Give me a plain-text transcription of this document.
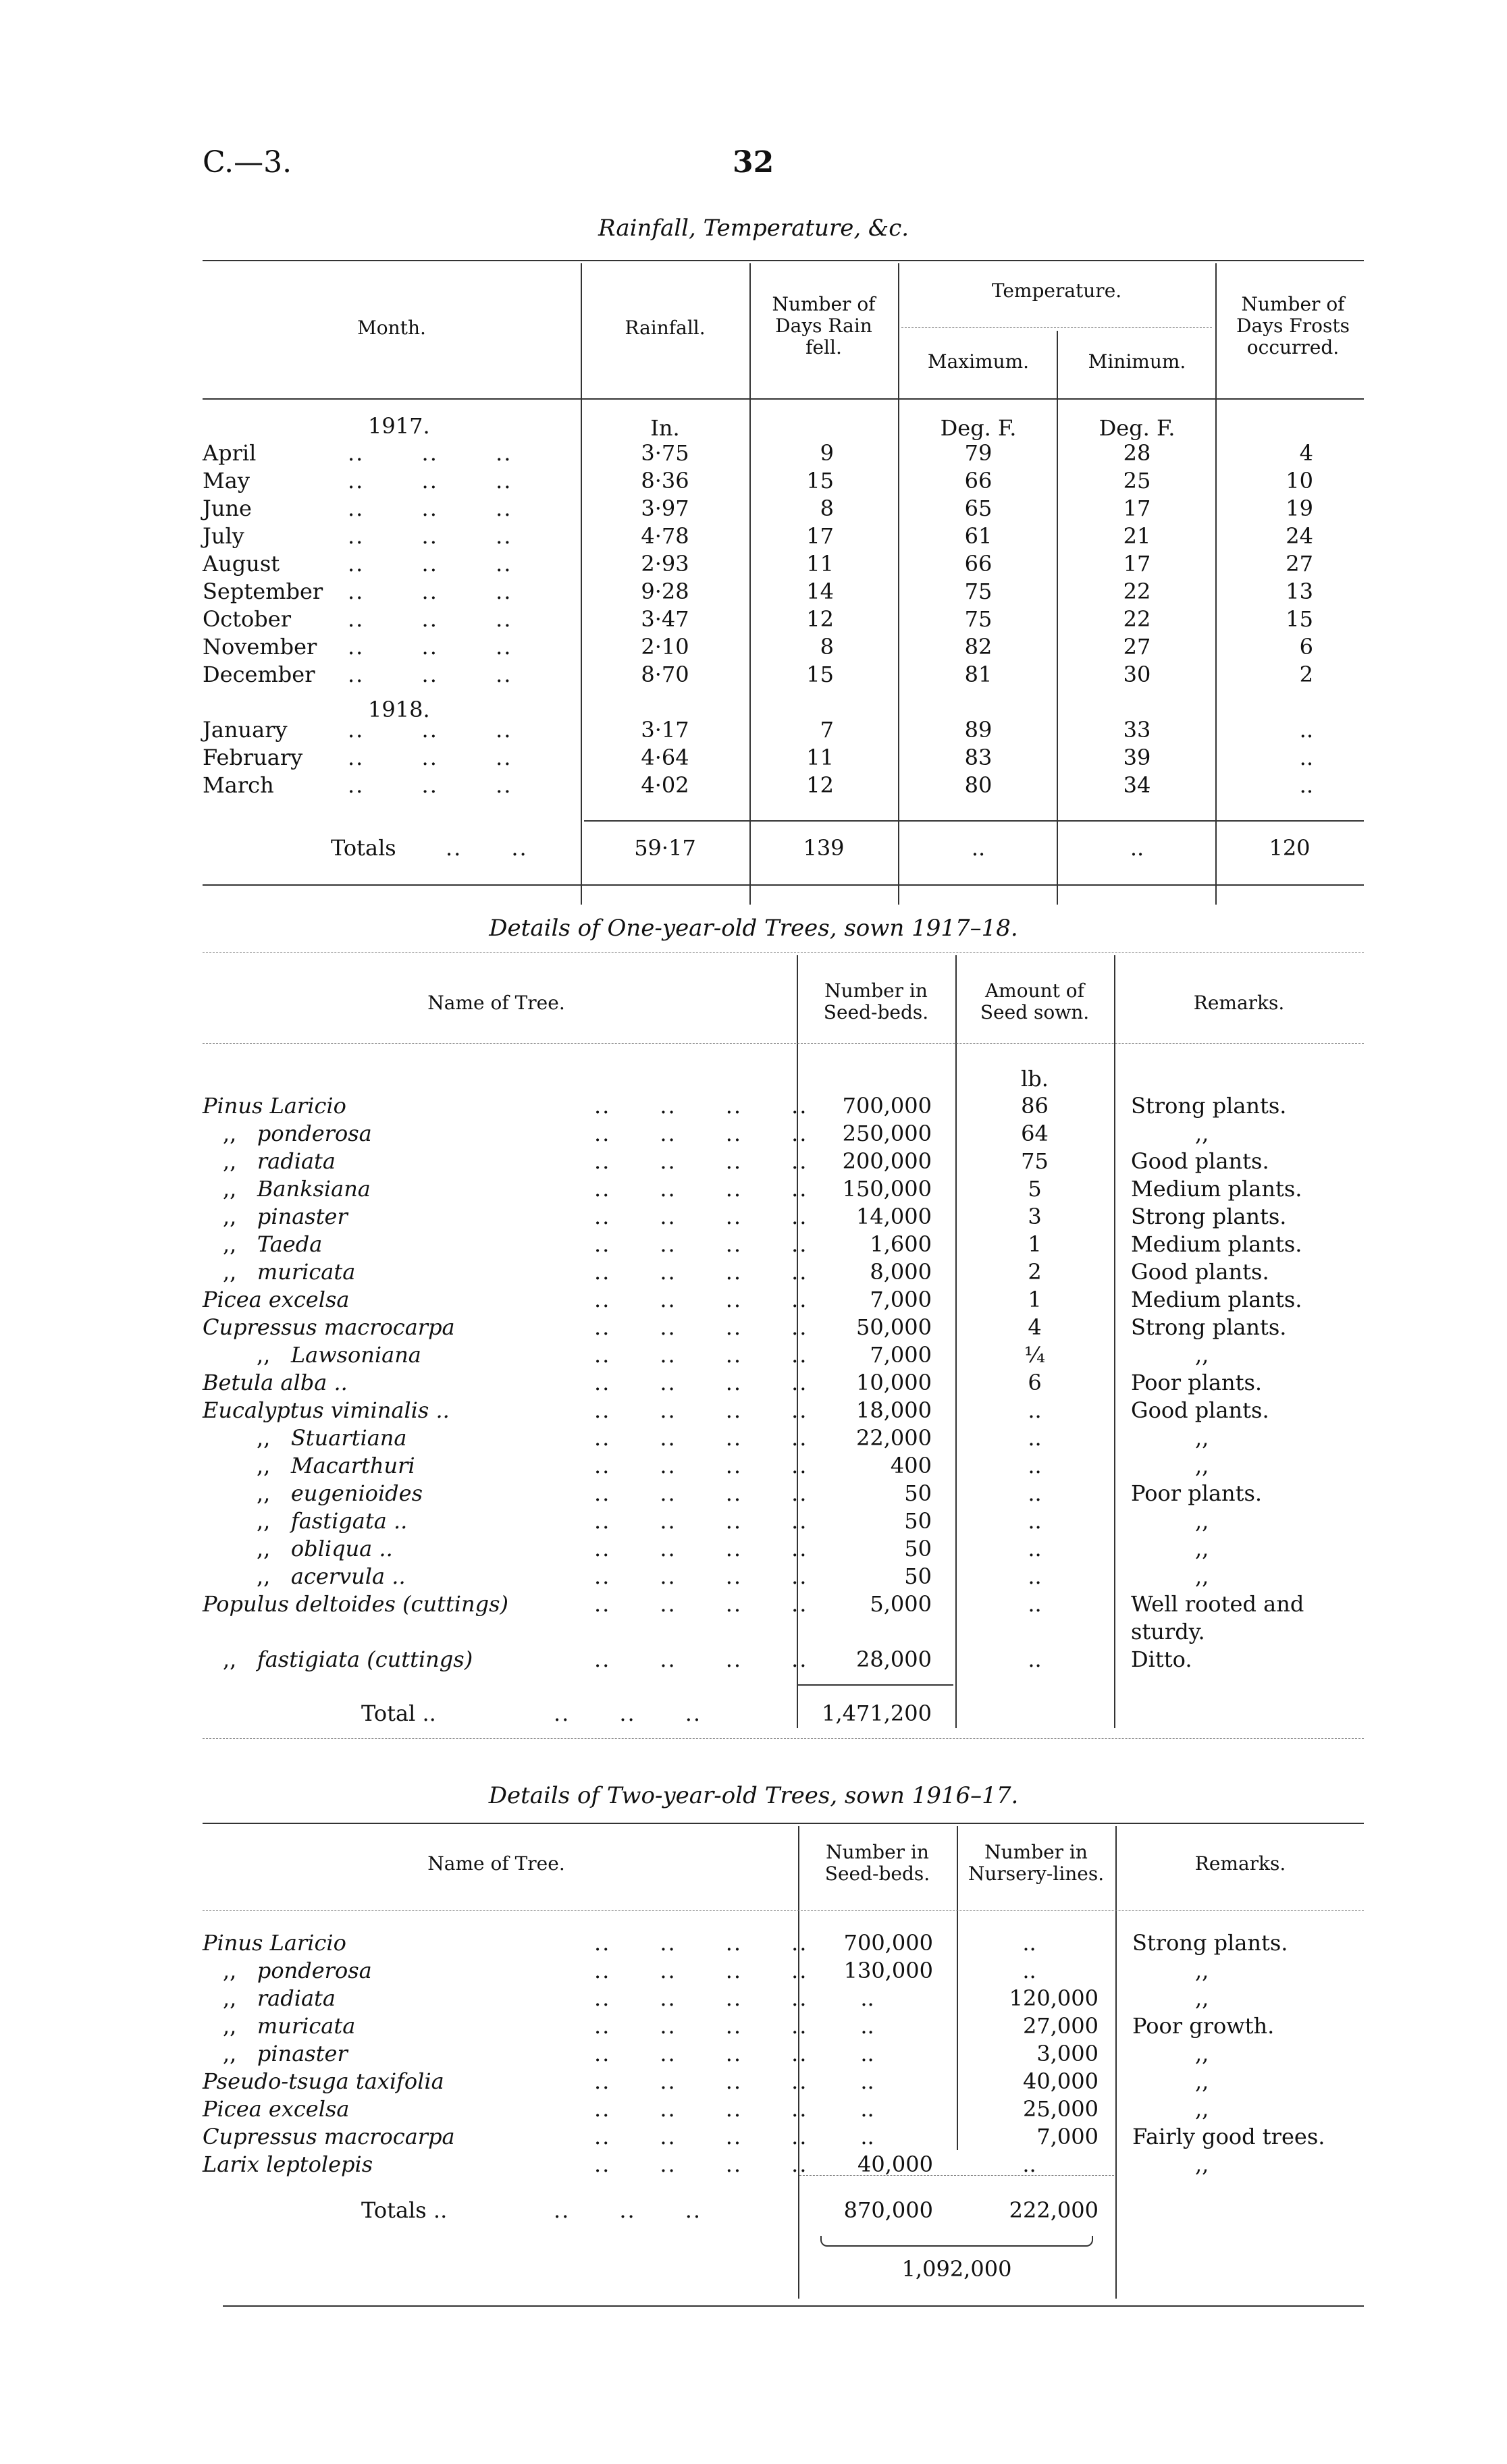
C.—3.	32
Rainfall, Temperature, &c.
Month.	Rainfall.
Number of Days Rain fell.
Temperature.
Maximum.	Minimum.
Number of Days Frosts occurred.
1917.	In.	Deg. F.	Deg. F.
April	..       ..       ..	3·75	9	79	28	4
May	..       ..       ..	8·36	15	66	25	10
June	..       ..       ..	3·97	8	65	17	19
July	..       ..       ..	4·78	17	61	21	24
August	..       ..       ..	2·93	11	66	17	27
September ..       ..       ..	9·28	14	75	22	13
October	..       ..       ..	3·47	12	75	22	15
November ..       ..       ..	2·10	8	82	27	6
December ..       ..       ..	8·70	15	81	30	2
January	..       ..       ..	3·17	7	89	33	..
February ..       ..       ..	4·64	11	83	39	..
March	..       ..       ..	4·02	12	80	34	..
1918.
Totals ..      ..	59·17	139	..	..	120
Details of One-year-old Trees, sown 1917–18.
Name of Tree.
Number in Seed-beds.
Amount of Seed sown.	Remarks.
lb.
Pinus Laricio	..      ..      ..      ..	700,000	86	Strong plants.
,, ponderosa	..      ..      ..      ..	250,000	64	,,
,, radiata	..      ..      ..      ..	200,000	75	Good plants.
,, Banksiana	..      ..      ..      ..	150,000	5	Medium plants.
,, pinaster	..      ..      ..      ..	14,000	3	Strong plants.
,, Taeda	..      ..      ..      ..	1,600	1	Medium plants.
,, muricata	..      ..      ..      ..	8,000	2	Good plants.
Picea excelsa	..      ..      ..      ..	7,000	1	Medium plants.
Cupressus macrocarpa	..      ..      ..      ..	50,000	4	Strong plants.
,, Lawsoniana	..      ..      ..      ..	7,000	¼	,,
Betula alba ..	..      ..      ..      ..	10,000	6	Poor plants.
Eucalyptus viminalis ..	..      ..      ..      ..	18,000	..	Good plants.
,, Stuartiana	..      ..      ..      ..	22,000	..	,,
,, Macarthuri	..      ..      ..      ..	400	..	,,
,, eugenioides	..      ..      ..      ..	50	..	Poor plants.
,, fastigata ..	..      ..      ..      ..	50	..	,,
,, obliqua ..	..      ..      ..      ..	50	..	,,
,, acervula ..	..      ..      ..      ..	50	..	,,
Populus deltoides (cuttings)	..      ..      ..      ..	5,000	..	Well rooted and sturdy.
,, fastigiata (cuttings)	..      ..      ..      ..	28,000	..	Ditto.
Total ..	..      ..      ..	1,471,200
Details of Two-year-old Trees, sown 1916–17.
Name of Tree.
Number in Seed-beds.
Number in Nursery-lines.	Remarks.
Pinus Laricio	..      ..      ..      ..	700,000	..	Strong plants.
,, ponderosa	..      ..      ..      ..	130,000	..	,,
,, radiata	..      ..      ..      ..	..	120,000	,,
,, muricata	..      ..      ..      ..	..	27,000 Poor growth.
,, pinaster	..      ..      ..      ..	..	3,000	,,
Pseudo-tsuga taxifolia	..      ..      ..      ..	..	40,000	,,
Picea excelsa	..      ..      ..      ..	..	25,000	,,
Cupressus macrocarpa	..      ..      ..      ..	..	7,000 Fairly good trees.
Larix leptolepis	..      ..      ..      ..	40,000	..	,,
Totals ..	..      ..      ..	870,000	222,000
1,092,000
